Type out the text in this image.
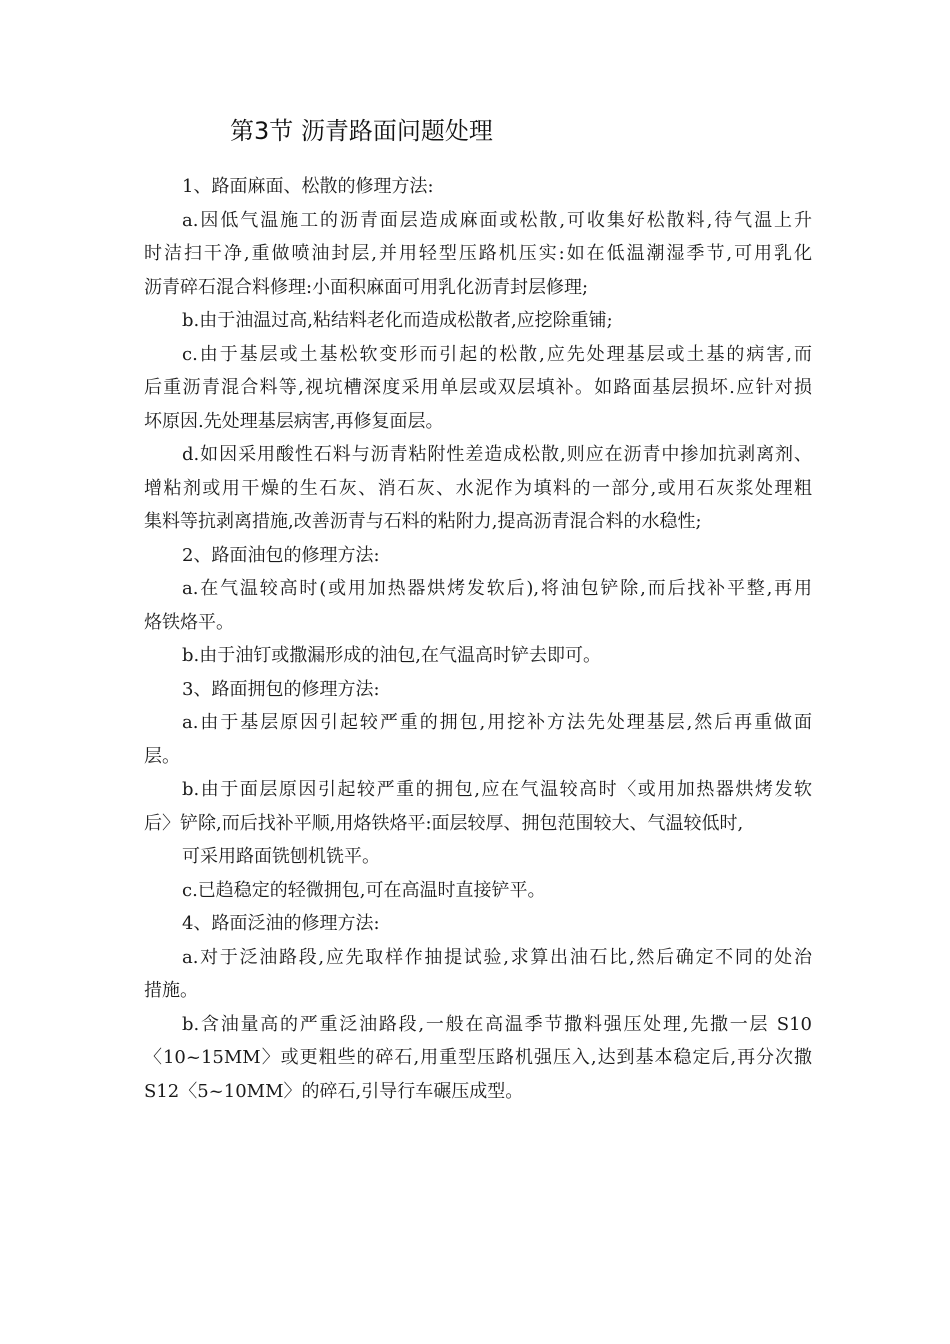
第3节 沥青路面问题处理
1、路面麻面、松散的修理方法:
a.因低气温施工的沥青面层造成麻面或松散,可收集好松散料,待气温上升
时洁扫干净,重做喷油封层,并用轻型压路机压实:如在低温潮湿季节,可用乳化
沥青碎石混合料修理:小面积麻面可用乳化沥青封层修理;
b.由于油温过高,粘结料老化而造成松散者,应挖除重铺;
c.由于基层或土基松软变形而引起的松散,应先处理基层或土基的病害,而
后重沥青混合料等,视坑槽深度采用单层或双层填补。如路面基层损坏.应针对损
坏原因.先处理基层病害,再修复面层。
d.如因采用酸性石料与沥青粘附性差造成松散,则应在沥青中掺加抗剥离剂、
增粘剂或用干燥的生石灰、消石灰、水泥作为填料的一部分,或用石灰浆处理粗
集料等抗剥离措施,改善沥青与石料的粘附力,提高沥青混合料的水稳性;
2、路面油包的修理方法:
a.在气温较高时(或用加热器烘烤发软后),将油包铲除,而后找补平整,再用
烙铁烙平。
b.由于油钉或撒漏形成的油包,在气温高时铲去即可。
3、路面拥包的修理方法:
a.由于基层原因引起较严重的拥包,用挖补方法先处理基层,然后再重做面
层。
b.由于面层原因引起较严重的拥包,应在气温较高时〈或用加热器烘烤发软
后〉铲除,而后找补平顺,用烙铁烙平:面层较厚、拥包范围较大、气温较低时,
可采用路面铣刨机铣平。
c.已趋稳定的轻微拥包,可在高温时直接铲平。
4、路面泛油的修理方法:
a.对于泛油路段,应先取样作抽提试验,求算出油石比,然后确定不同的处治
措施。
b.含油量高的严重泛油路段,一般在高温季节撒料强压处理,先撒一层 S10
〈10~15MM〉或更粗些的碎石,用重型压路机强压入,达到基本稳定后,再分次撒
S12〈5~10MM〉的碎石,引导行车碾压成型。
